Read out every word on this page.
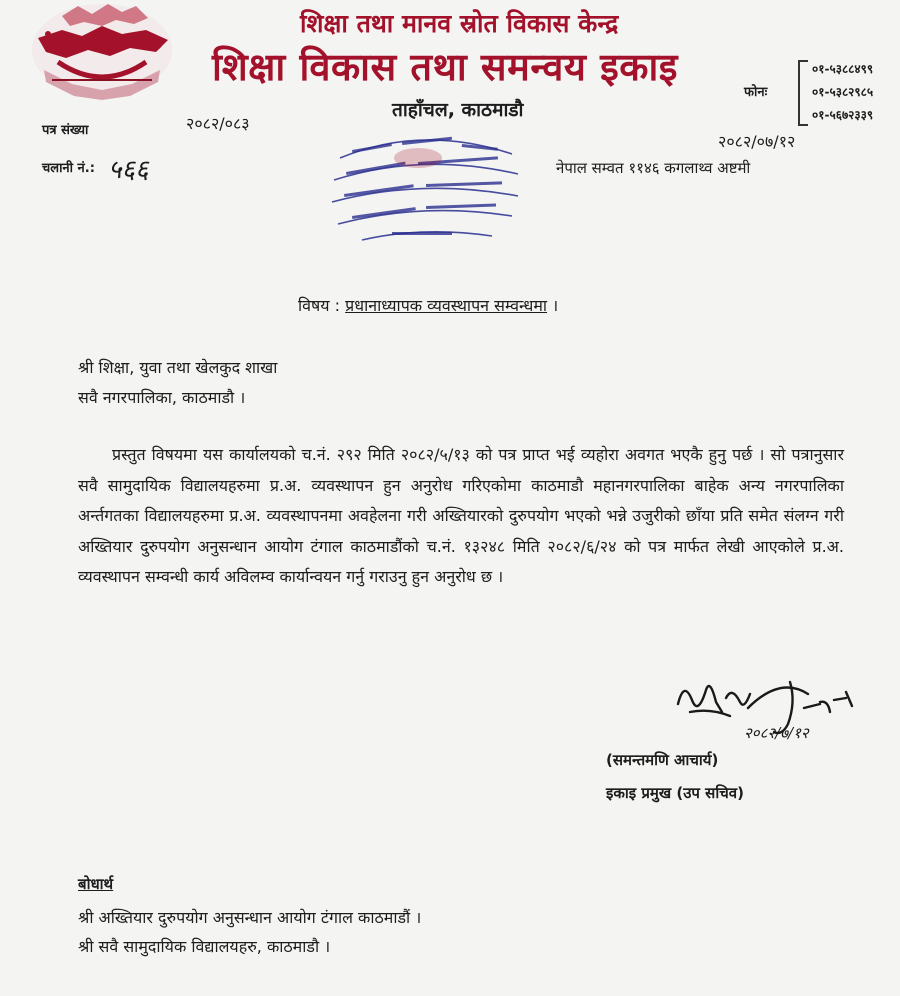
शिक्षा तथा मानव स्रोत विकास केन्द्र
शिक्षा विकास तथा समन्वय इकाइ
ताहाँचल, काठमाडौ
फोनः
०१-५३८८४९९
०१-५३८२९८५
०१-५६७२३३९
पत्र संख्या	२०८२/०८३
चलानी नं.: ५६६
२०८२/०७/१२
नेपाल सम्वत ११४६ कगलाथ्व अष्टमी
विषय : प्रधानाध्यापक व्यवस्थापन सम्वन्धमा ।
श्री शिक्षा, युवा तथा खेलकुद शाखा
सवै नगरपालिका, काठमाडौ ।
प्रस्तुत विषयमा यस कार्यालयको च.नं. २९२ मिति २०८२/५/१३ को पत्र प्राप्त भई व्यहोरा अवगत भएकै हुनु पर्छ । सो पत्रानुसार सवै सामुदायिक विद्यालयहरुमा प्र.अ. व्यवस्थापन हुन अनुरोध गरिएकोमा काठमाडौ महानगरपालिका बाहेक अन्य नगरपालिका अर्न्तगतका विद्यालयहरुमा प्र.अ. व्यवस्थापनमा अवहेलना गरी अख्तियारको दुरुपयोग भएको भन्ने उजुरीको छाँया प्रति समेत संलग्न गरी अख्तियार दुरुपयोग अनुसन्धान आयोग टंगाल काठमाडौंको च.नं. १३२४८ मिति २०८२/६/२४ को पत्र मार्फत लेखी आएकोले प्र.अ. व्यवस्थापन सम्वन्धी कार्य अविलम्व कार्यान्वयन गर्नु गराउनु हुन अनुरोध छ ।
२०८२/७/१२
(समन्तमणि आचार्य)
इकाइ प्रमुख (उप सचिव)
बोधार्थ
श्री अख्तियार दुरुपयोग अनुसन्धान आयोग टंगाल काठमाडौं ।
श्री सवै सामुदायिक विद्यालयहरु, काठमाडौ ।
